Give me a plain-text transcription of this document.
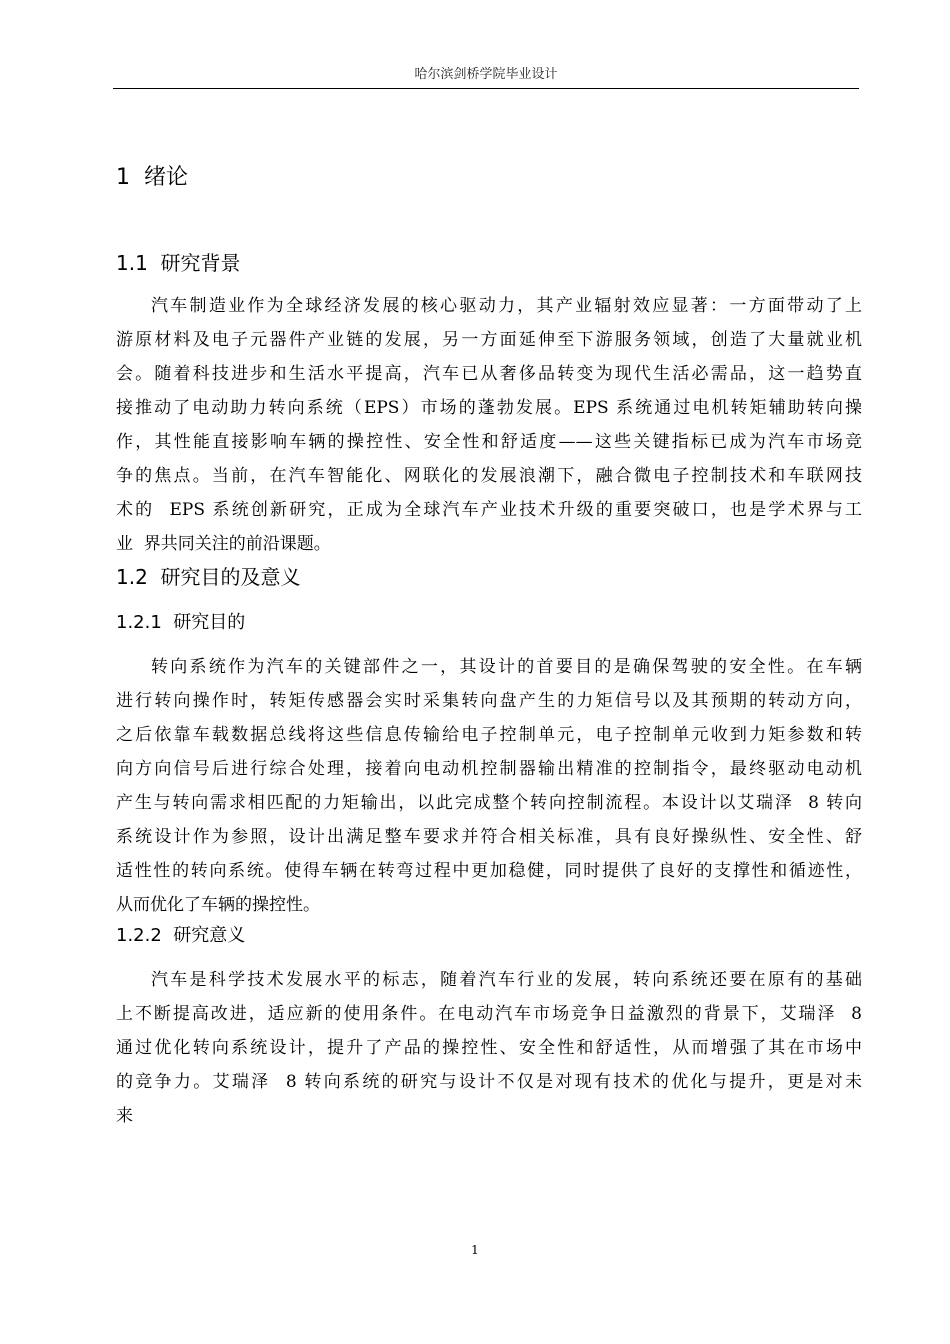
哈尔滨剑桥学院毕业设计
1  绪论
1.1  研究背景
汽车制造业作为全球经济发展的核心驱动力，其产业辐射效应显著：一方面带动了上
游原材料及电子元器件产业链的发展，另一方面延伸至下游服务领域，创造了大量就业机
会。随着科技进步和生活水平提高，汽车已从奢侈品转变为现代生活必需品，这一趋势直
接推动了电动助力转向系统（EPS）市场的蓬勃发展。EPS 系统通过电机转矩辅助转向操
作，其性能直接影响车辆的操控性、安全性和舒适度——这些关键指标已成为汽车市场竞
争的焦点。当前，在汽车智能化、网联化的发展浪潮下，融合微电子控制技术和车联网技
术的  EPS 系统创新研究，正成为全球汽车产业技术升级的重要突破口，也是学术界与工
业  界共同关注的前沿课题。
1.2  研究目的及意义
1.2.1  研究目的
转向系统作为汽车的关键部件之一，其设计的首要目的是确保驾驶的安全性。在车辆
进行转向操作时，转矩传感器会实时采集转向盘产生的力矩信号以及其预期的转动方向，
之后依靠车载数据总线将这些信息传输给电子控制单元，电子控制单元收到力矩参数和转
向方向信号后进行综合处理，接着向电动机控制器输出精准的控制指令，最终驱动电动机
产生与转向需求相匹配的力矩输出，以此完成整个转向控制流程。本设计以艾瑞泽  8 转向
系统设计作为参照，设计出满足整车要求并符合相关标准，具有良好操纵性、安全性、舒
适性性的转向系统。使得车辆在转弯过程中更加稳健，同时提供了良好的支撑性和循迹性，
从而优化了车辆的操控性。
1.2.2  研究意义
汽车是科学技术发展水平的标志，随着汽车行业的发展，转向系统还要在原有的基础
上不断提高改进，适应新的使用条件。在电动汽车市场竞争日益激烈的背景下，艾瑞泽  8
通过优化转向系统设计，提升了产品的操控性、安全性和舒适性，从而增强了其在市场中
的竞争力。艾瑞泽  8 转向系统的研究与设计不仅是对现有技术的优化与提升，更是对未
来
1
